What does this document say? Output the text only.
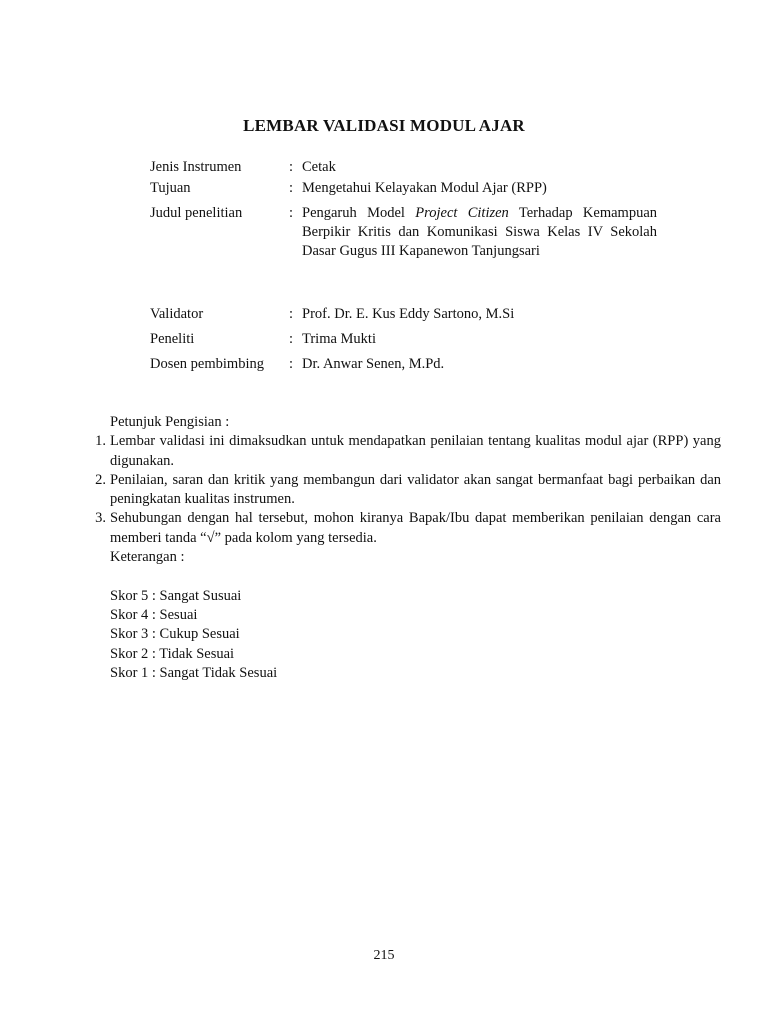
LEMBAR VALIDASI MODUL AJAR
Jenis Instrumen	: Cetak
Tujuan	: Mengetahui Kelayakan Modul Ajar (RPP)
Judul penelitian	: Pengaruh Model Project Citizen Terhadap Kemampuan Berpikir Kritis dan Komunikasi Siswa Kelas IV Sekolah Dasar Gugus III Kapanewon Tanjungsari
Validator	: Prof. Dr. E. Kus Eddy Sartono, M.Si
Peneliti	: Trima Mukti
Dosen pembimbing : Dr. Anwar Senen, M.Pd.
Petunjuk Pengisian :
1. Lembar validasi ini dimaksudkan untuk mendapatkan penilaian tentang kualitas modul ajar (RPP) yang digunakan.
2. Penilaian, saran dan kritik yang membangun dari validator akan sangat bermanfaat bagi perbaikan dan peningkatan kualitas instrumen.
3. Sehubungan dengan hal tersebut, mohon kiranya Bapak/Ibu dapat memberikan penilaian dengan cara memberi tanda “√” pada kolom yang tersedia.
Keterangan :
Skor 5 : Sangat Susuai
Skor 4 : Sesuai
Skor 3 : Cukup Sesuai
Skor 2 : Tidak Sesuai
Skor 1 : Sangat Tidak Sesuai
215
